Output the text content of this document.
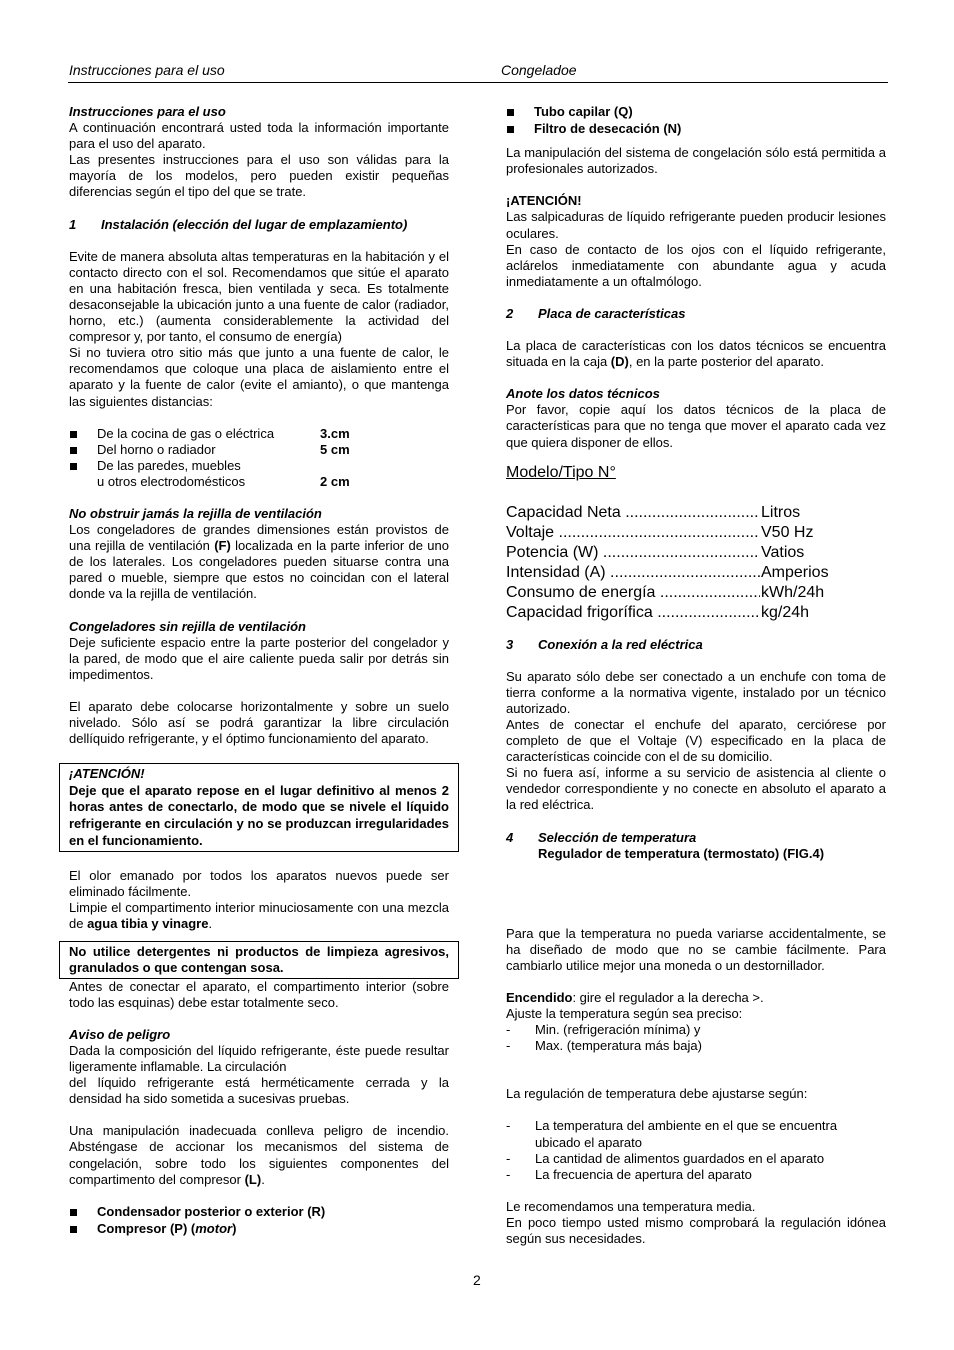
Instrucciones para el uso	Congeladoe

Instrucciones para el uso

A continuación encontrará usted toda la información importante para el uso del aparato.

Las presentes instrucciones para el uso son válidas para la mayoría de los modelos, pero pueden existir pequeñas diferencias según el tipo del que se trate.

1 Instalación (elección del lugar de emplazamiento)

Evite de manera absoluta altas temperaturas en la habitación y el contacto directo con el sol. Recomendamos que sitúe el aparato en una habitación fresca, bien ventilada y seca. Es totalmente desaconsejable la ubicación junto a una fuente de calor (radiador, horno, etc.) (aumenta considerablemente la actividad del compresor y, por tanto, el consumo de energía)

Si no tuviera otro sitio más que junto a una fuente de calor, le recomendamos que coloque una placa de aislamiento entre el aparato y la fuente de calor (evite el amianto), o que mantenga las siguientes distancias:

De la cocina de gas o eléctrica	3.cm
Del horno o radiador	5 cm
De las paredes, muebles
u otros electrodomésticos	2 cm

No obstruir jamás la rejilla de ventilación

Los congeladores de grandes dimensiones están provistos de una rejilla de ventilación (F) localizada en la parte inferior de uno de los laterales. Los congeladores pueden situarse contra una pared o mueble, siempre que estos no coincidan con el lateral donde va la rejilla de ventilación.

Congeladores sin rejilla de ventilación

Deje suficiente espacio entre la parte posterior del congelador y la pared, de modo que el aire caliente pueda salir por detrás sin impedimentos.

El aparato debe colocarse horizontalmente y sobre un suelo nivelado. Sólo así se podrá garantizar la libre circulación dellíquido refrigerante, y el óptimo funcionamiento del aparato.

¡ATENCIÓN!

Deje que el aparato repose en el lugar definitivo al menos 2 horas antes de conectarlo, de modo que se nivele el líquido refrigerante en circulación y no se produzcan irregularidades en el funcionamiento.

El olor emanado por todos los aparatos nuevos puede ser eliminado fácilmente.

Limpie el compartimento interior minuciosamente con una mezcla de agua tibia y vinagre.

No utilice detergentes ni productos de limpieza agresivos, granulados o que contengan sosa.

Antes de conectar el aparato, el compartimento interior (sobre todo las esquinas) debe estar totalmente seco.

Aviso de peligro

Dada la composición del líquido refrigerante, éste puede resultar ligeramente inflamable. La circulación

del líquido refrigerante está herméticamente cerrada y la densidad ha sido sometida a sucesivas pruebas.

Una manipulación inadecuada conlleva peligro de incendio. Absténgase de accionar los mecanismos del sistema de congelación, sobre todo los siguientes componentes del compartimento del compresor (L).

Condensador posterior o exterior (R)
Compresor (P) (motor)
Tubo capilar (Q)
Filtro de desecación (N)

La manipulación del sistema de congelación sólo está permitida a profesionales autorizados.

¡ATENCIÓN!

Las salpicaduras de líquido refrigerante pueden producir lesiones oculares.

En caso de contacto de los ojos con el líquido refrigerante, aclárelos inmediatamente con abundante agua y acuda inmediatamente a un oftalmólogo.

2 Placa de características

La placa de características con los datos técnicos se encuentra situada en la caja (D), en la parte posterior del aparato.

Anote los datos técnicos

Por favor, copie aquí los datos técnicos de la placa de características para que no tenga que mover el aparato cada vez que quiera disponer de ellos.

Modelo/Tipo N°

Capacidad Neta .....	Litros
Voltaje .....	V50 Hz
Potencia (W) .....	Vatios
Intensidad (A) .....	Amperios
Consumo de energía .....	kWh/24h
Capacidad frigorífica .....	kg/24h

3 Conexión a la red eléctrica

Su aparato sólo debe ser conectado a un enchufe con toma de tierra conforme a la normativa vigente, instalado por un técnico autorizado.

Antes de conectar el enchufe del aparato, cerciórese por completo de que el Voltaje (V) especificado en la placa de características coincide con el de su domicilio.

Si no fuera así, informe a su servicio de asistencia al cliente o vendedor correspondiente y no conecte en absoluto el aparato a la red eléctrica.

4 Selección de temperatura

Regulador de temperatura (termostato) (FIG.4)

Para que la temperatura no pueda variarse accidentalmente, se ha diseñado de modo que no se cambie fácilmente. Para cambiarlo utilice mejor una moneda o un destornillador.

Encendido: gire el regulador a la derecha >.

Ajuste la temperatura según sea preciso:

-	Min. (refrigeración mínima) y
-	Max. (temperatura más baja)

La regulación de temperatura debe ajustarse según:

-	La temperatura del ambiente en el que se encuentra ubicado el aparato
-	La cantidad de alimentos guardados en el aparato
-	La frecuencia de apertura del aparato

Le recomendamos una temperatura media.

En poco tiempo usted mismo comprobará la regulación idónea según sus necesidades.

2
